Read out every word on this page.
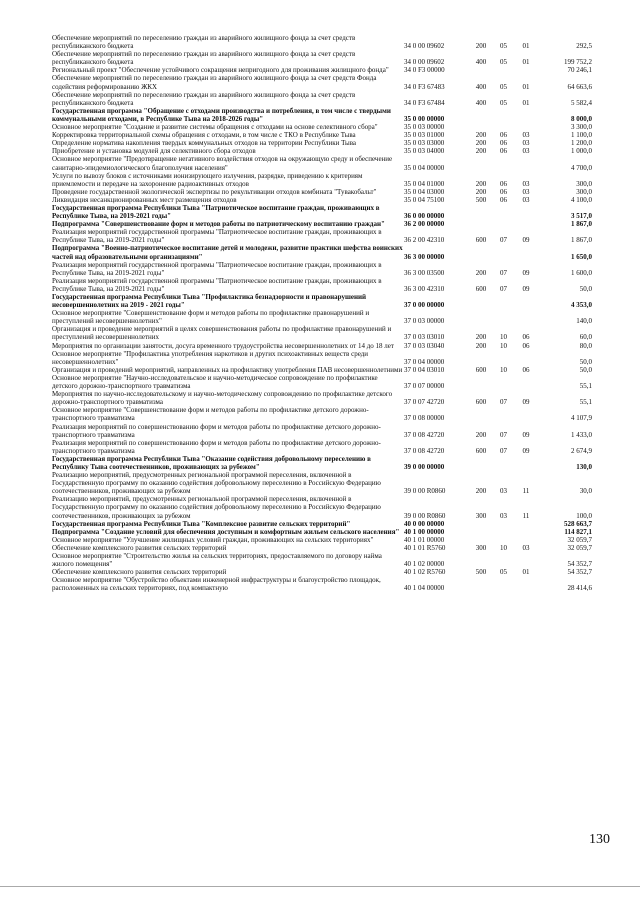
Обеспечение мероприятий по переселению граждан из аварийного жилищного фонда за счет средств республиканского бюджета	34 0 00 09602	200	05	01	292,5
Обеспечение мероприятий по переселению граждан из аварийного жилищного фонда за счет средств республиканского бюджета	34 0 00 09602	400	05	01	199 752,2
Региональный проект "Обеспечение устойчивого сокращения непригодного для проживания жилищного фонда"	34 0 F3 00000				70 246,1
Обеспечение мероприятий по переселению граждан из аварийного жилищного фонда за счет средств Фонда содействия реформированию ЖКХ	34 0 F3 67483	400	05	01	64 663,6
Обеспечение мероприятий по переселению граждан из аварийного жилищного фонда за счет средств республиканского бюджета	34 0 F3 67484	400	05	01	5 582,4
Государственная программа "Обращение с отходами производства и потребления, в том числе с твердыми коммунальными отходами, в Республике Тыва на 2018-2026 годы"	35 0 00 00000				8 000,0
Основное мероприятие "Создание и развитие системы обращения с отходами на основе селективного сбора"	35 0 03 00000				3 300,0
Корректировка территориальной схемы обращения с отходами, в том числе с ТКО в Республике Тыва	35 0 03 01000	200	06	03	1 100,0
Определение норматива накопления твердых коммунальных отходов на территории Республики Тыва	35 0 03 03000	200	06	03	1 200,0
Приобретение и установка модулей для селективного сбора отходов	35 0 03 04000	200	06	03	1 000,0
Основное мероприятие "Предотвращение негативного воздействия отходов на окружающую среду и обеспечение санитарно-эпидемиологического благополучия населения"	35 0 04 00000				4 700,0
Услуги по вывозу блоков с источниками ионизирующего излучения, разрядке, приведению к критериям приемлемости и передаче на захоронение радиоактивных отходов	35 0 04 01000	200	06	03	300,0
Проведение государственной экологической экспертизы по рекультивации отходов комбината "Тувакобальт"	35 0 04 03000	200	06	03	300,0
Ликвидация несанкционированных мест размещения отходов	35 0 04 75100	500	06	03	4 100,0
Государственная программа Республики Тыва "Патриотическое воспитание граждан, проживающих в Республике Тыва, на 2019-2021 годы"	36 0 00 00000				3 517,0
Подпрограмма "Совершенствование форм и методов работы по патриотическому воспитанию граждан"	36 2 00 00000				1 867,0
Реализация мероприятий государственной программы "Патриотическое воспитание граждан, проживающих в Республике Тыва, на 2019-2021 годы"	36 2 00 42310	600	07	09	1 867,0
Подпрограмма "Военно-патриотическое воспитание детей и молодежи, развитие практики шефства воинских частей над образовательными организациями"	36 3 00 00000				1 650,0
Реализация мероприятий государственной программы "Патриотическое воспитание граждан, проживающих в Республике Тыва, на 2019-2021 годы"	36 3 00 03500	200	07	09	1 600,0
Реализация мероприятий государственной программы "Патриотическое воспитание граждан, проживающих в Республике Тыва, на 2019-2021 годы"	36 3 00 42310	600	07	09	50,0
Государственная программа Республики Тыва "Профилактика безнадзорности и правонарушений несовершеннолетних на 2019 - 2021 годы"	37 0 00 00000				4 353,0
Основное мероприятие "Совершенствование форм и методов работы по профилактике правонарушений и преступлений несовершеннолетних"	37 0 03 00000				140,0
Организация и проведение мероприятий в целях совершенствования работы по профилактике правонарушений и преступлений несовершеннолетних	37 0 03 03010	200	10	06	60,0
Мероприятия по организации занятости, досуга временного трудоустройства несовершеннолетних от 14 до 18 лет	37 0 03 03040	200	10	06	80,0
Основное мероприятие "Профилактика употребления наркотиков и других психоактивных веществ среди несовершеннолетних"	37 0 04 00000				50,0
Организация и проведений мероприятий, направленных на профилактику употребления ПАВ несовершеннолетними	37 0 04 03010	600	10	06	50,0
Основное мероприятие "Научно-исследовательское и научно-методическое сопровождение по профилактике детского дорожно-транспортного травматизма	37 0 07 00000				55,1
Мероприятия по научно-исследовательскому и научно-методическому сопровождению по профилактике детского дорожно-транспортного травматизма	37 0 07 42720	600	07	09	55,1
Основное мероприятие "Совершенствование форм и методов работы по профилактике детского дорожно-транспортного травматизма	37 0 08 00000				4 107,9
Реализация мероприятий по совершенствованию форм и методов работы по профилактике детского дорожно-транспортного травматизма	37 0 08 42720	200	07	09	1 433,0
Реализация мероприятий по совершенствованию форм и методов работы по профилактике детского дорожно-транспортного травматизма	37 0 08 42720	600	07	09	2 674,9
Государственная программа Республики Тыва "Оказание содействия добровольному переселению в Республику Тыва соотечественников, проживающих за рубежом"	39 0 00 00000				130,0
Реализацию мероприятий, предусмотренных региональной программой переселения, включенной в Государственную программу по оказанию содействия добровольному переселению в Российскую Федерацию соотечественников, проживающих за рубежом	39 0 00 R0860	200	03	11	30,0
Реализацию мероприятий, предусмотренных региональной программой переселения, включенной в Государственную программу по оказанию содействия добровольному переселению в Российскую Федерацию соотечественников, проживающих за рубежом	39 0 00 R0860	300	03	11	100,0
Государственная программа Республики Тыва "Комплексное развитие сельских территорий"	40 0 00 00000				528 663,7
Подпрограмма "Создание условий для обеспечения доступным и комфортным жильем сельского населения"	40 1 00 00000				114 827,1
Основное мероприятие "Улучшение жилищных условий граждан, проживающих на сельских территориях"	40 1 01 00000				32 059,7
Обеспечение комплексного развития сельских территорий	40 1 01 R5760	300	10	03	32 059,7
Основное мероприятие "Строительство жилья на сельских территориях, предоставляемого по договору найма жилого помещения"	40 1 02 00000				54 352,7
Обеспечение комплексного развития сельских территорий	40 1 02 R5760	500	05	01	54 352,7
Основное мероприятие "Обустройство объектами инженерной инфраструктуры и благоустройство площадок, расположенных на сельских территориях, под компактную	40 1 04 00000				28 414,6
130
